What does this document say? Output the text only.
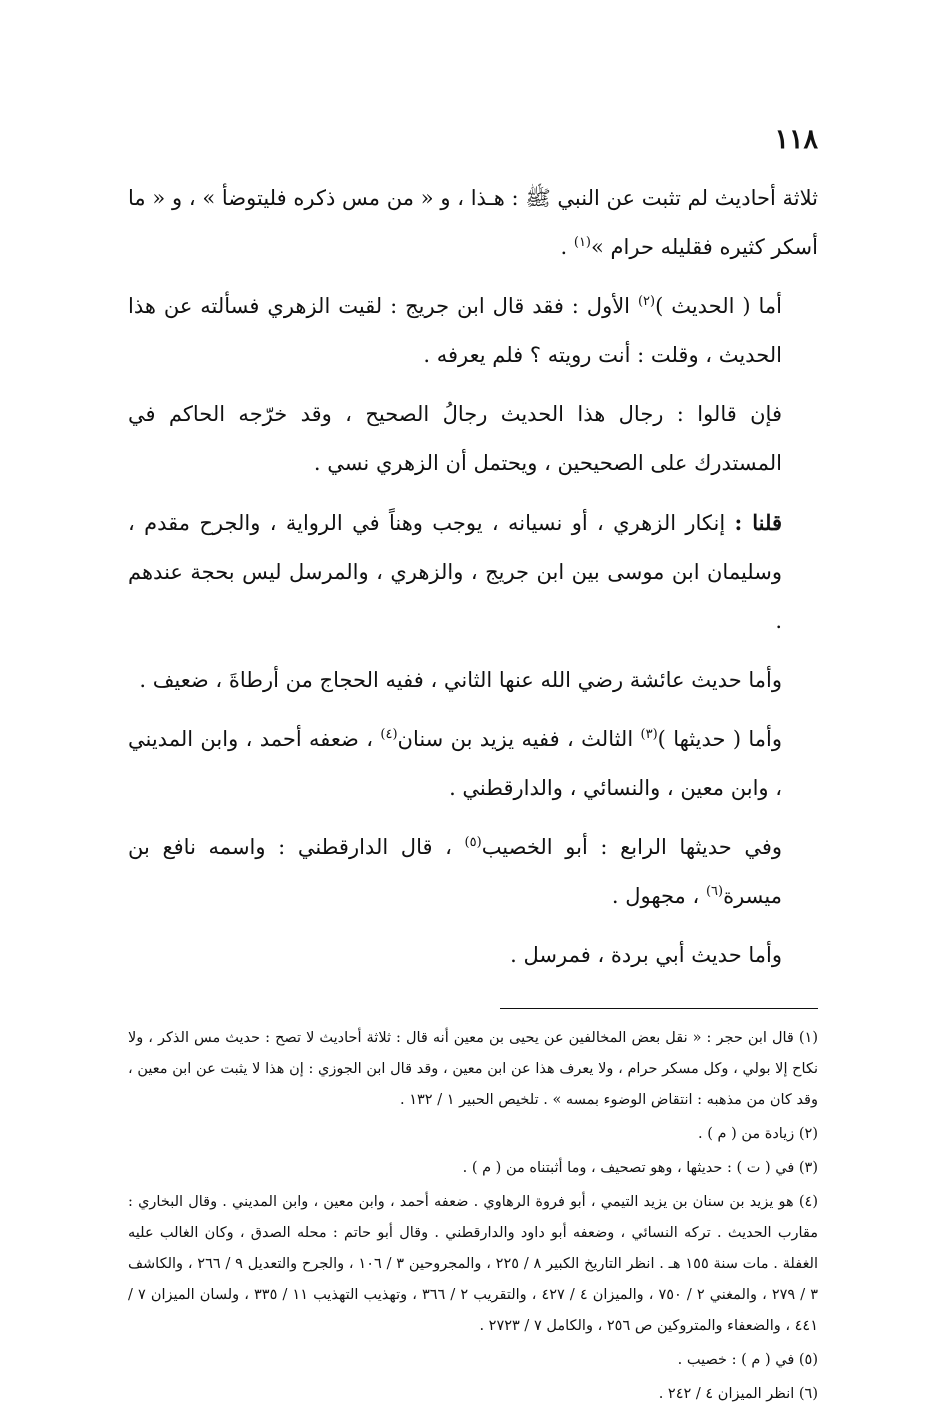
١١٨

ثلاثة أحاديث لم تثبت عن النبي ﷺ : هـذا ، و « من مس ذكره فليتوضأ » ، و « ما أسكر كثيره فقليله حرام »$^{(١)}$ .

أما ( الحديث )$^{(٢)}$ الأول : فقد قال ابن جريج : لقيت الزهري فسألته عن هذا الحديث ، وقلت : أنت رويته ؟ فلم يعرفه .

فإن قالوا : رجال هذا الحديث رجالُ الصحيح ، وقد خرّجه الحاكم في المستدرك على الصحيحين ، ويحتمل أن الزهري نسي .

قلنا : إنكار الزهري ، أو نسيانه ، يوجب وهناً في الرواية ، والجرح مقدم ، وسليمان ابن موسى بين ابن جريج ، والزهري ، والمرسل ليس بحجة عندهم .

وأما حديث عائشة رضي الله عنها الثاني ، ففيه الحجاج من أرطاةَ ، ضعيف .

وأما ( حديثها )$^{(٣)}$ الثالث ، ففيه يزيد بن سنان$^{(٤)}$ ، ضعفه أحمد ، وابن المديني ، وابن معين ، والنسائي ، والدارقطني .

وفي حديثها الرابع : أبو الخصيب$^{(٥)}$ ، قال الدارقطني : واسمه نافع بن ميسرة$^{(٦)}$ ، مجهول .

وأما حديث أبي بردة ، فمرسل .

(١) قال ابن حجر : « نقل بعض المخالفين عن يحيى بن معين أنه قال : ثلاثة أحاديث لا تصح : حديث مس الذكر ، ولا نكاح إلا بولي ، وكل مسكر حرام ، ولا يعرف هذا عن ابن معين ، وقد قال ابن الجوزي : إن هذا لا يثبت عن ابن معين ، وقد كان من مذهبه : انتقاض الوضوء بمسه » . تلخيص الحبير ١ / ١٣٢ .

(٢) زيادة من ( م ) .

(٣) في ( ت ) : حديثها ، وهو تصحيف ، وما أثبتناه من ( م ) .

(٤) هو يزيد بن سنان بن يزيد التيمي ، أبو فروة الرهاوي . ضعفه أحمد ، وابن معين ، وابن المديني . وقال البخاري : مقارب الحديث . تركه النسائي ، وضعفه أبو داود والدارقطني . وقال أبو حاتم : محله الصدق ، وكان الغالب عليه الغفلة . مات سنة ١٥٥ هـ . انظر التاريخ الكبير ٨ / ٢٢٥ ، والمجروحين ٣ / ١٠٦ ، والجرح والتعديل ٩ / ٢٦٦ ، والكاشف ٣ / ٢٧٩ ، والمغني ٢ / ٧٥٠ ، والميزان ٤ / ٤٢٧ ، والتقريب ٢ / ٣٦٦ ، وتهذيب التهذيب ١١ / ٣٣٥ ، ولسان الميزان ٧ / ٤٤١ ، والضعفاء والمتروكين ص ٢٥٦ ، والكامل ٧ / ٢٧٢٣ .

(٥) في ( م ) : خصيب .

(٦) انظر الميزان ٤ / ٢٤٢ .
